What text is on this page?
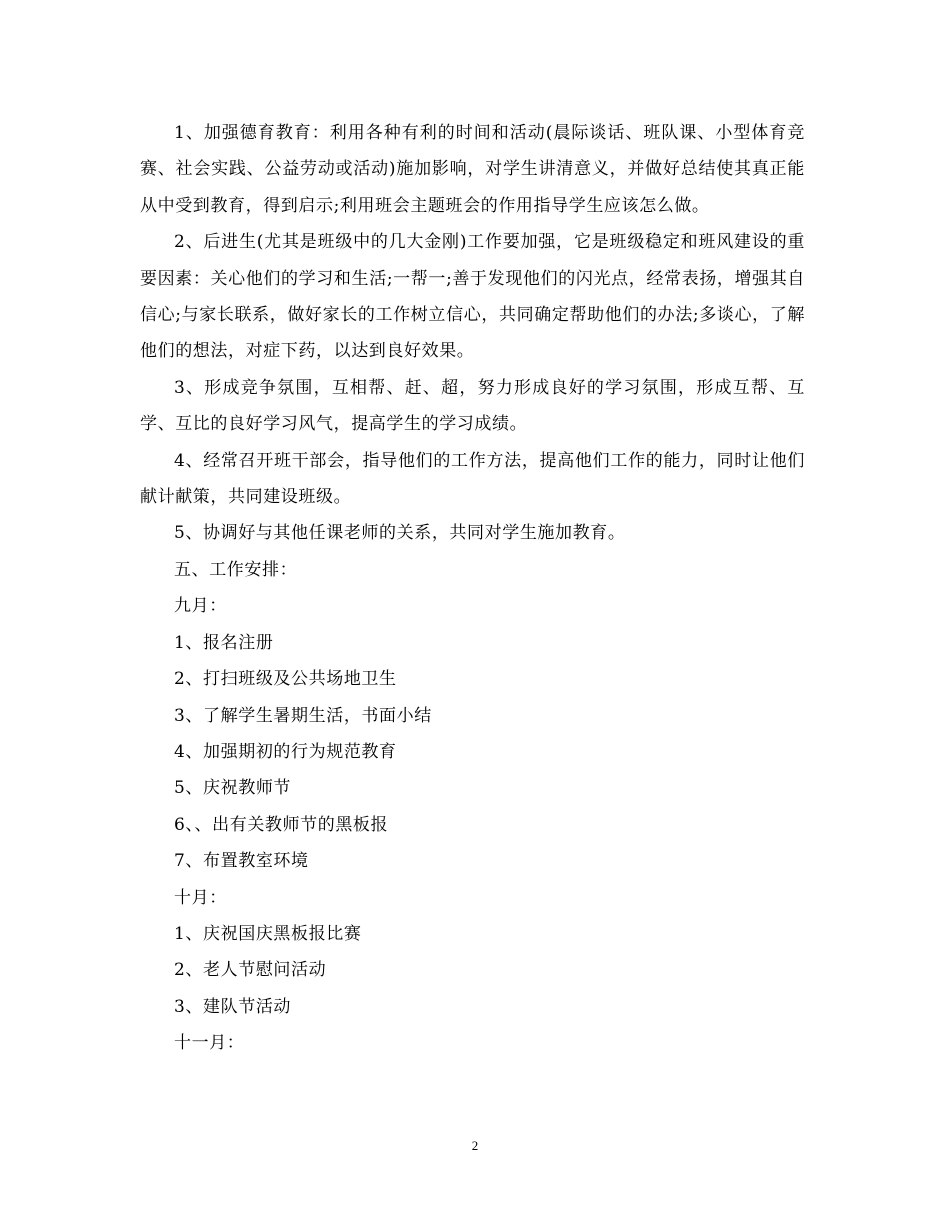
1、加强德育教育：利用各种有利的时间和活动(晨际谈话、班队课、小型体育竞赛、社会实践、公益劳动或活动)施加影响，对学生讲清意义，并做好总结使其真正能从中受到教育，得到启示;利用班会主题班会的作用指导学生应该怎么做。

2、后进生(尤其是班级中的几大金刚)工作要加强，它是班级稳定和班风建设的重要因素：关心他们的学习和生活;一帮一;善于发现他们的闪光点，经常表扬，增强其自信心;与家长联系，做好家长的工作树立信心，共同确定帮助他们的办法;多谈心，了解他们的想法，对症下药，以达到良好效果。

3、形成竞争氛围，互相帮、赶、超，努力形成良好的学习氛围，形成互帮、互学、互比的良好学习风气，提高学生的学习成绩。

4、经常召开班干部会，指导他们的工作方法，提高他们工作的能力，同时让他们献计献策，共同建设班级。

5、协调好与其他任课老师的关系，共同对学生施加教育。

五、工作安排：

九月：

1、报名注册

2、打扫班级及公共场地卫生

3、了解学生暑期生活，书面小结

4、加强期初的行为规范教育

5、庆祝教师节

6、、出有关教师节的黑板报

7、布置教室环境

十月：

1、庆祝国庆黑板报比赛

2、老人节慰问活动

3、建队节活动

十一月：

2
